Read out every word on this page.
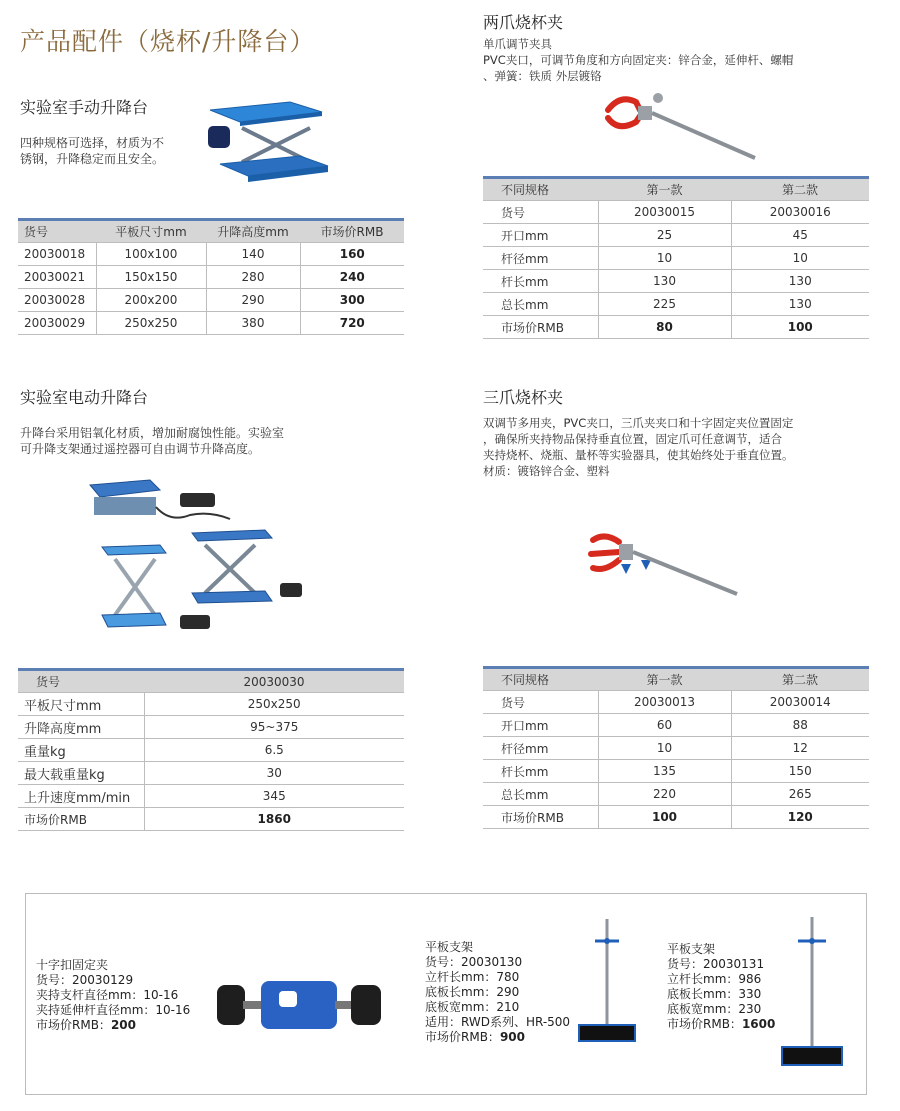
产品配件（烧杯/升降台）
实验室手动升降台
四种规格可选择，材质为不
锈钢，升降稳定而且安全。
货号	平板尺寸mm	升降高度mm	市场价RMB
20030018	100x100	140	160
20030021	150x150	280	240
20030028	200x200	290	300
20030029	250x250	380	720
实验室电动升降台
升降台采用铝氧化材质，增加耐腐蚀性能。实验室
可升降支架通过遥控器可自由调节升降高度。
货号	20030030
平板尺寸mm	250x250
升降高度mm	95~375
重量kg	6.5
最大载重量kg	30
上升速度mm/min	345
市场价RMB	1860
两爪烧杯夹
单爪调节夹具
PVC夹口，可调节角度和方向固定夹：锌合金，延伸杆、螺帽
、弹簧：铁质 外层镀铬
不同规格	第一款	第二款
货号	20030015	20030016
开口mm	25	45
杆径mm	10	10
杆长mm	130	130
总长mm	225	130
市场价RMB	80	100
三爪烧杯夹
双调节多用夹，PVC夹口，三爪夹夹口和十字固定夹位置固定
，确保所夹持物品保持垂直位置，固定爪可任意调节，适合
夹持烧杯、烧瓶、量杯等实验器具，使其始终处于垂直位置。
材质：镀铬锌合金、塑料
不同规格	第一款	第二款
货号	20030013	20030014
开口mm	60	88
杆径mm	10	12
杆长mm	135	150
总长mm	220	265
市场价RMB	100	120
十字扣固定夹
货号：20030129
夹持支杆直径mm：10-16
夹持延伸杆直径mm：10-16
市场价RMB：200
平板支架
货号：20030130
立杆长mm：780
底板长mm：290
底板宽mm：210
适用：RWD系列、HR-500
市场价RMB：900
平板支架
货号：20030131
立杆长mm：986
底板长mm：330
底板宽mm：230
市场价RMB：1600
